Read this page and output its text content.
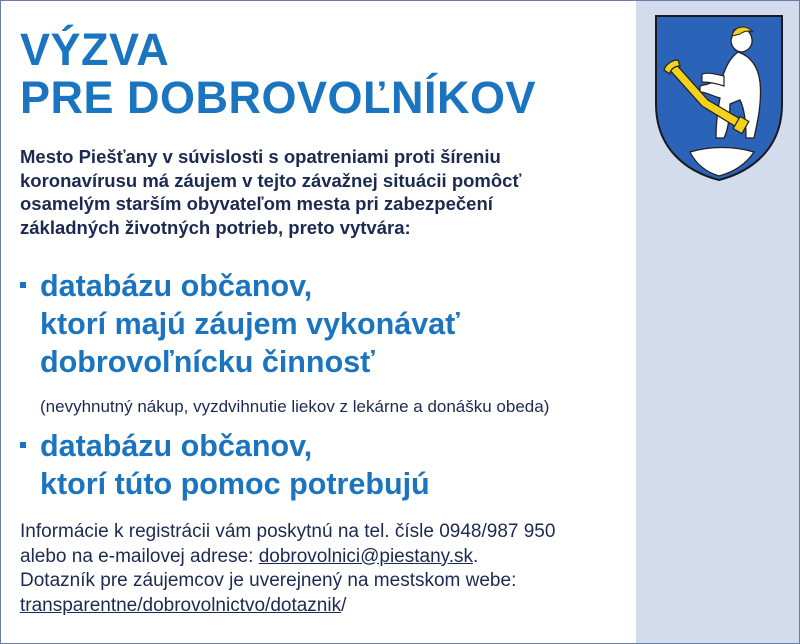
VÝZVA
PRE DOBROVOĽNÍKOV
Mesto Piešťany v súvislosti s opatreniami proti šíreniu
koronavírusu má záujem v tejto závažnej situácii pomôcť
osamelým starším obyvateľom mesta pri zabezpečení
základných životných potrieb, preto vytvára:
databázu občanov,
ktorí majú záujem vykonávať
dobrovoľnícku činnosť
(nevyhnutný nákup, vyzdvihnutie liekov z lekárne a donášku obeda)
databázu občanov,
ktorí túto pomoc potrebujú
Informácie k registrácii vám poskytnú na tel. čísle 0948/987 950
alebo na e-mailovej adrese: dobrovolnici@piestany.sk.
Dotazník pre záujemcov je uverejnený na mestskom webe:
transparentne/dobrovolnictvo/dotaznik/
